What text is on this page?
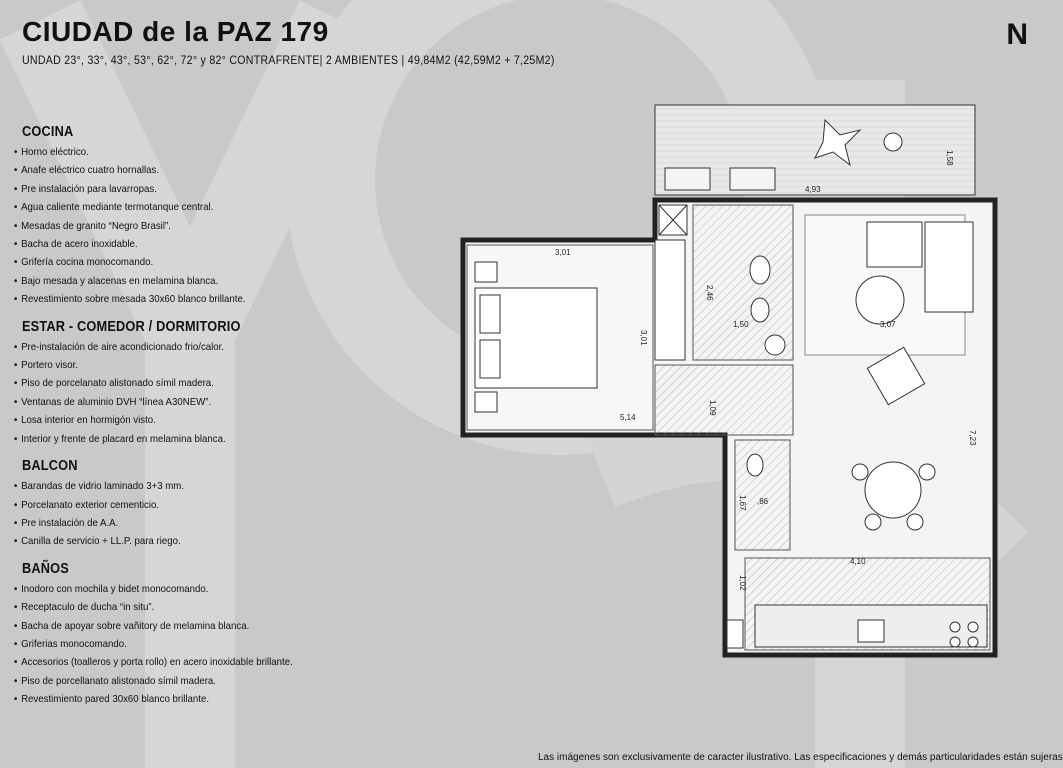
CIUDAD de la PAZ 179
UNDAD 23°, 33°, 43°, 53°, 62°, 72° y 82° CONTRAFRENTE| 2 AMBIENTES | 49,84M2 (42,59M2 + 7,25M2)
N
COCINA
• Horno eléctrico.
• Anafe eléctrico cuatro hornallas.
• Pre instalación para lavarropas.
• Agua caliente mediante termotanque central.
• Mesadas de granito “Negro Brasil”.
• Bacha de acero inoxidable.
• Grifería cocina monocomando.
• Bajo mesada y alacenas en melamina blanca.
• Revestimiento sobre mesada 30x60 blanco brillante.
ESTAR - COMEDOR / DORMITORIO
• Pre-instalación de aire acondicionado frio/calor.
• Portero visor.
• Piso de porcelanato alistonado símil madera.
• Ventanas de aluminio DVH “línea A30NEW”.
• Losa interior en hormigón visto.
• Interior y frente de placard en melamina blanca.
BALCON
• Barandas de vidrio laminado 3+3 mm.
• Porcelanato exterior cementicio.
• Pre instalación de A.A.
• Canilla de servicio + LL.P. para riego.
BAÑOS
• Inodoro con mochila y bidet monocomando.
• Receptaculo de ducha “in situ”.
• Bacha de apoyar sobre vañitory de melamina blanca.
• Griferias monocomando.
• Accesorios (toalleros y porta rollo) en acero inoxidable brillante.
• Piso de porcellanato alistonado símil madera.
• Revestimiento pared 30x60 blanco brillante.
1,58
4,93
3,01
3,01
5,14
2,46
1,50
1,09
3,07
7,23
1,67 ,86
4,10
1,02
Las imágenes son exclusivamente de caracter ilustrativo. Las especificaciones y demás particularidades están sujeras
